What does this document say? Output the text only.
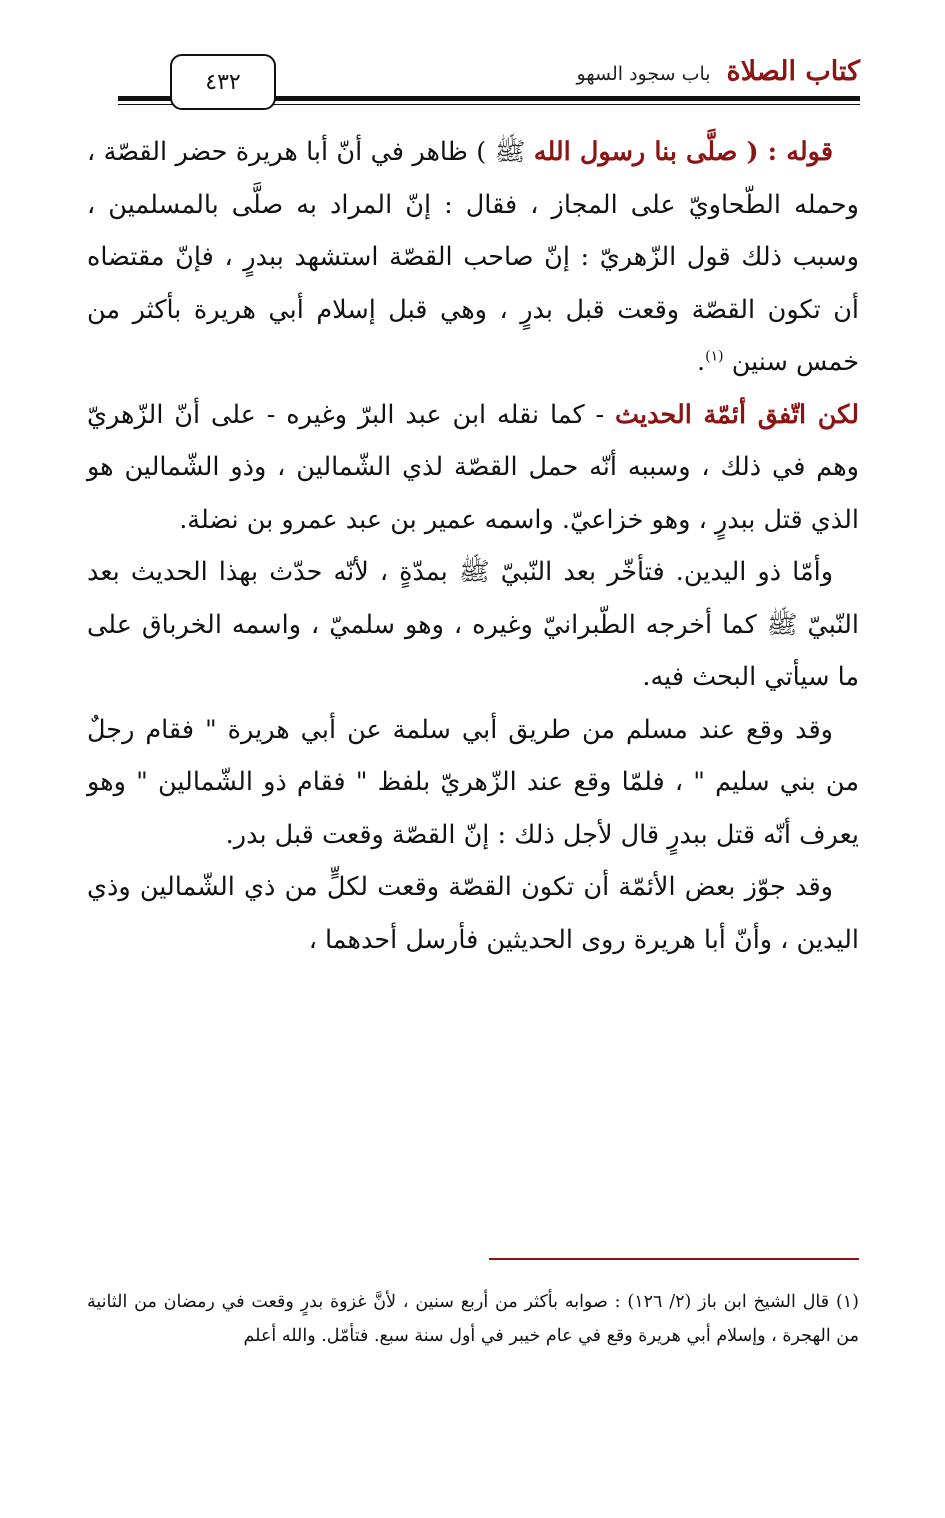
كتاب الصلاة
باب سجود السهو
٤٣٢

قوله : ( صلَّى بنا رسول الله ﷺ ) ظاهر في أنّ أبا هريرة حضر القصّة ، وحمله الطّحاويّ على المجاز ، فقال : إنّ المراد به صلَّى بالمسلمين ، وسبب ذلك قول الزّهريّ : إنّ صاحب القصّة استشهد ببدرٍ ، فإنّ مقتضاه أن تكون القصّة وقعت قبل بدرٍ ، وهي قبل إسلام أبي هريرة بأكثر من خمس سنين $^{(١)}$.

لكن اتّفق أئمّة الحديث - كما نقله ابن عبد البرّ وغيره - على أنّ الزّهريّ وهم في ذلك ، وسببه أنّه حمل القصّة لذي الشّمالين ، وذو الشّمالين هو الذي قتل ببدرٍ ، وهو خزاعيّ. واسمه عمير بن عبد عمرو بن نضلة.

وأمّا ذو اليدين. فتأخّر بعد النّبيّ ﷺ بمدّةٍ ، لأنّه حدّث بهذا الحديث بعد النّبيّ ﷺ كما أخرجه الطّبرانيّ وغيره ، وهو سلميّ ، واسمه الخرباق على ما سيأتي البحث فيه.

وقد وقع عند مسلم من طريق أبي سلمة عن أبي هريرة " فقام رجلٌ من بني سليم " ، فلمّا وقع عند الزّهريّ بلفظ " فقام ذو الشّمالين " وهو يعرف أنّه قتل ببدرٍ قال لأجل ذلك : إنّ القصّة وقعت قبل بدر.

وقد جوّز بعض الأئمّة أن تكون القصّة وقعت لكلٍّ من ذي الشّمالين وذي اليدين ، وأنّ أبا هريرة روى الحديثين فأرسل أحدهما ،

(١) قال الشيخ ابن باز (٢/ ١٢٦) : صوابه بأكثر من أربع سنين ، لأنَّ غزوة بدرٍ وقعت في رمضان من الثانية من الهجرة ، وإسلام أبي هريرة وقع في عام خيبر في أول سنة سبع. فتأمّل. والله أعلم
